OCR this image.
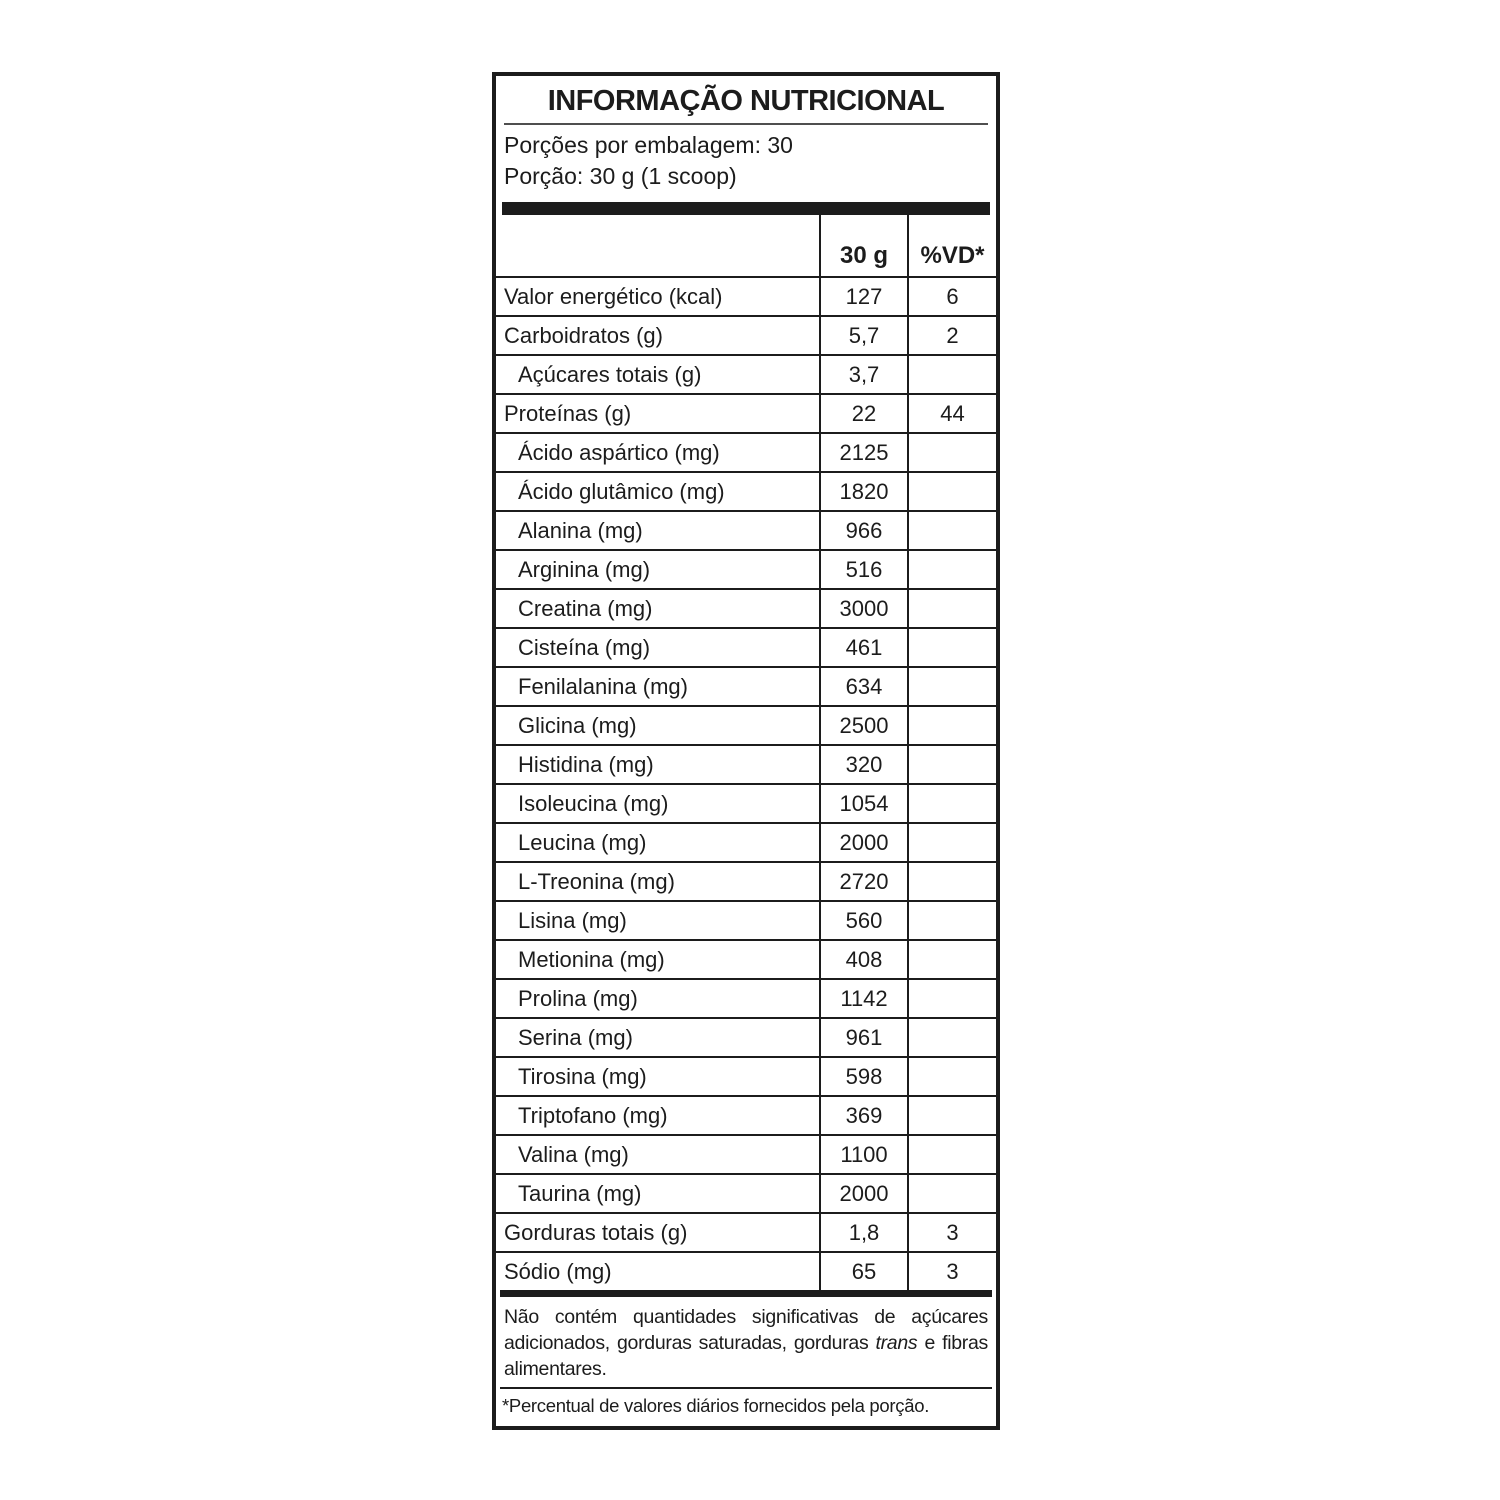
INFORMAÇÃO NUTRICIONAL
Porções por embalagem: 30
Porção: 30 g (1 scoop)
	30 g	%VD*
Valor energético (kcal)	127	6
Carboidratos (g)	5,7	2
Açúcares totais (g)	3,7	
Proteínas (g)	22	44
Ácido aspártico (mg)	2125	
Ácido glutâmico (mg)	1820	
Alanina (mg)	966	
Arginina (mg)	516	
Creatina (mg)	3000	
Cisteína (mg)	461	
Fenilalanina (mg)	634	
Glicina (mg)	2500	
Histidina (mg)	320	
Isoleucina (mg)	1054	
Leucina (mg)	2000	
L-Treonina (mg)	2720	
Lisina (mg)	560	
Metionina (mg)	408	
Prolina (mg)	1142	
Serina (mg)	961	
Tirosina (mg)	598	
Triptofano (mg)	369	
Valina (mg)	1100	
Taurina (mg)	2000	
Gorduras totais (g)	1,8	3
Sódio (mg)	65	3

Não contém quantidades significativas de açúcares adicionados, gorduras saturadas, gorduras trans e fibras alimentares.

*Percentual de valores diários fornecidos pela porção.
